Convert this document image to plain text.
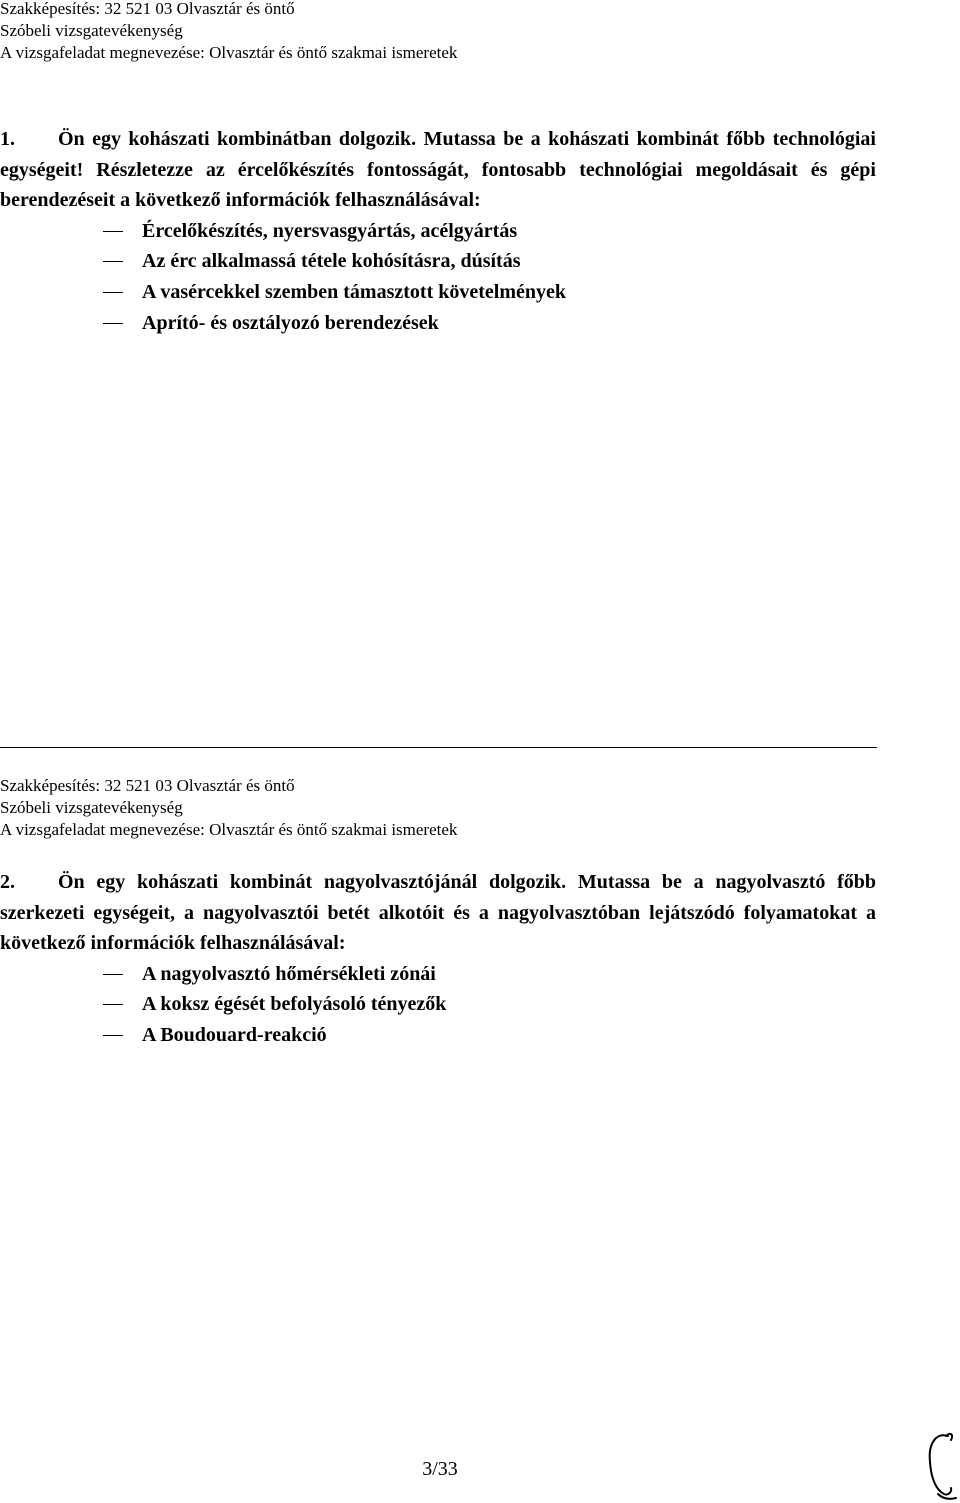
Szakképesítés: 32 521 03 Olvasztár és öntő
Szóbeli vizsgatevékenység
A vizsgafeladat megnevezése: Olvasztár és öntő szakmai ismeretek
1. Ön egy kohászati kombinátban dolgozik. Mutassa be a kohászati kombinát főbb technológiai egységeit! Részletezze az ércelőkészítés fontosságát, fontosabb technológiai megoldásait és gépi berendezéseit a következő információk felhasználásával:
Ércelőkészítés, nyersvasgyártás, acélgyártás
Az érc alkalmassá tétele kohósításra, dúsítás
A vasércekkel szemben támasztott követelmények
Aprító- és osztályozó berendezések
Szakképesítés: 32 521 03 Olvasztár és öntő
Szóbeli vizsgatevékenység
A vizsgafeladat megnevezése: Olvasztár és öntő szakmai ismeretek
2. Ön egy kohászati kombinát nagyolvasztójánál dolgozik. Mutassa be a nagyolvasztó főbb szerkezeti egységeit, a nagyolvasztói betét alkotóit és a nagyolvasztóban lejátszódó folyamatokat a következő információk felhasználásával:
A nagyolvasztó hőmérsékleti zónái
A koksz égését befolyásoló tényezők
A Boudouard-reakció
3/33
